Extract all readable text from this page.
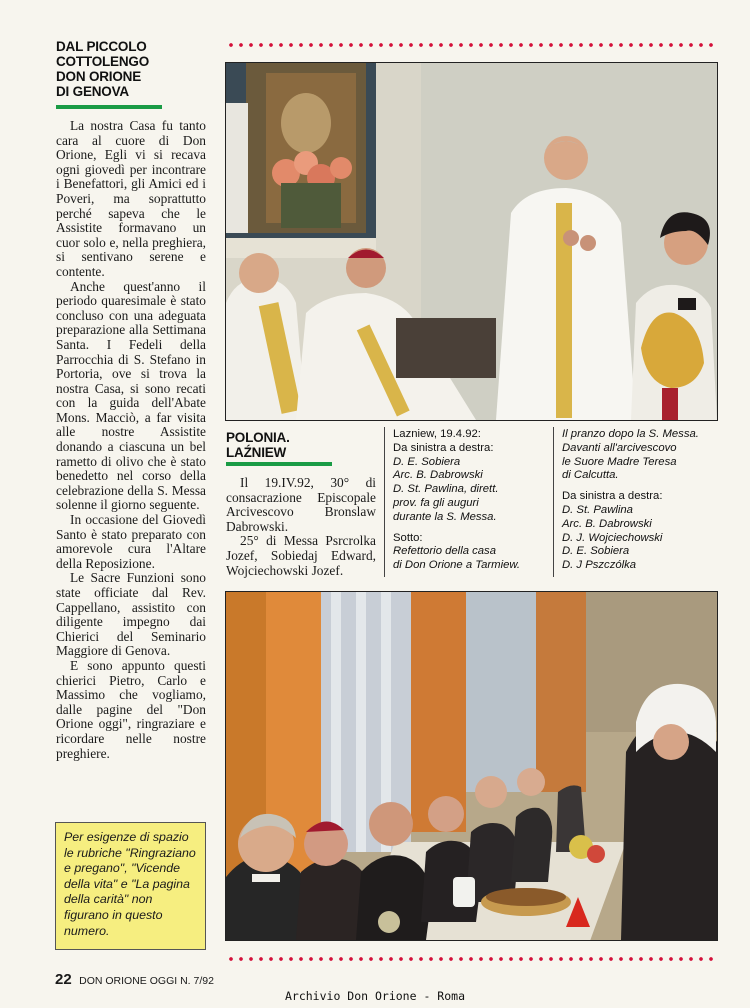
DAL PICCOLO
COTTOLENGO
DON ORIONE
DI GENOVA

La nostra Casa fu tanto cara al cuore di Don Orione, Egli vi si recava ogni giovedì per incontrare i Benefattori, gli Amici ed i Poveri, ma soprattutto perché sapeva che le Assistite formavano un cuor solo e, nella preghiera, si sentivano serene e contente.

Anche quest'anno il periodo quaresimale è stato concluso con una adeguata preparazione alla Settimana Santa. I Fedeli della Parrocchia di S. Stefano in Portoria, ove si trova la nostra Casa, si sono recati con la guida dell'Abate Mons. Macciò, a far visita alle nostre Assistite donando a ciascuna un bel rametto di olivo che è stato benedetto nel corso della celebrazione della S. Messa solenne il giorno seguente.

In occasione del Giovedì Santo è stato preparato con amorevole cura l'Altare della Reposizione.

Le Sacre Funzioni sono state officiate dal Rev. Cappellano, assistito con diligente impegno dai Chierici del Seminario Maggiore di Genova.

E sono appunto questi chierici Pietro, Carlo e Massimo che vogliamo, dalle pagine del "Don Orione oggi", ringraziare e ricordare nelle nostre preghiere.

Per esigenze di spazio le rubriche "Ringraziano e pregano", "Vicende della vita" e "La pagina della carità" non figurano in questo numero.
POLONIA.
LAŹNIEW

Il 19.IV.92, 30° di consacrazione Episcopale Arcivescovo Bronslaw Dabrowski.

25° di Messa Psrcrolka Jozef, Sobiedaj Edward, Wojciechowski Jozef.

Lazniew, 19.4.92:
Da sinistra a destra:
D. E. Sobiera
Arc. B. Dabrowski
D. St. Pawlina, dirett.
prov. fa gli auguri
durante la S. Messa.
Sotto:
Refettorio della casa
di Don Orione a Tarmiew.
Il pranzo dopo la S. Messa.
Davanti all'arcivescovo
le Suore Madre Teresa
di Calcutta.
Da sinistra a destra:
D. St. Pawlina
Arc. B. Dabrowski
D. J. Wojciechowski
D. E. Sobiera
D. J Pszczólka
22 DON ORIONE OGGI N. 7/92
Archivio Don Orione - Roma
